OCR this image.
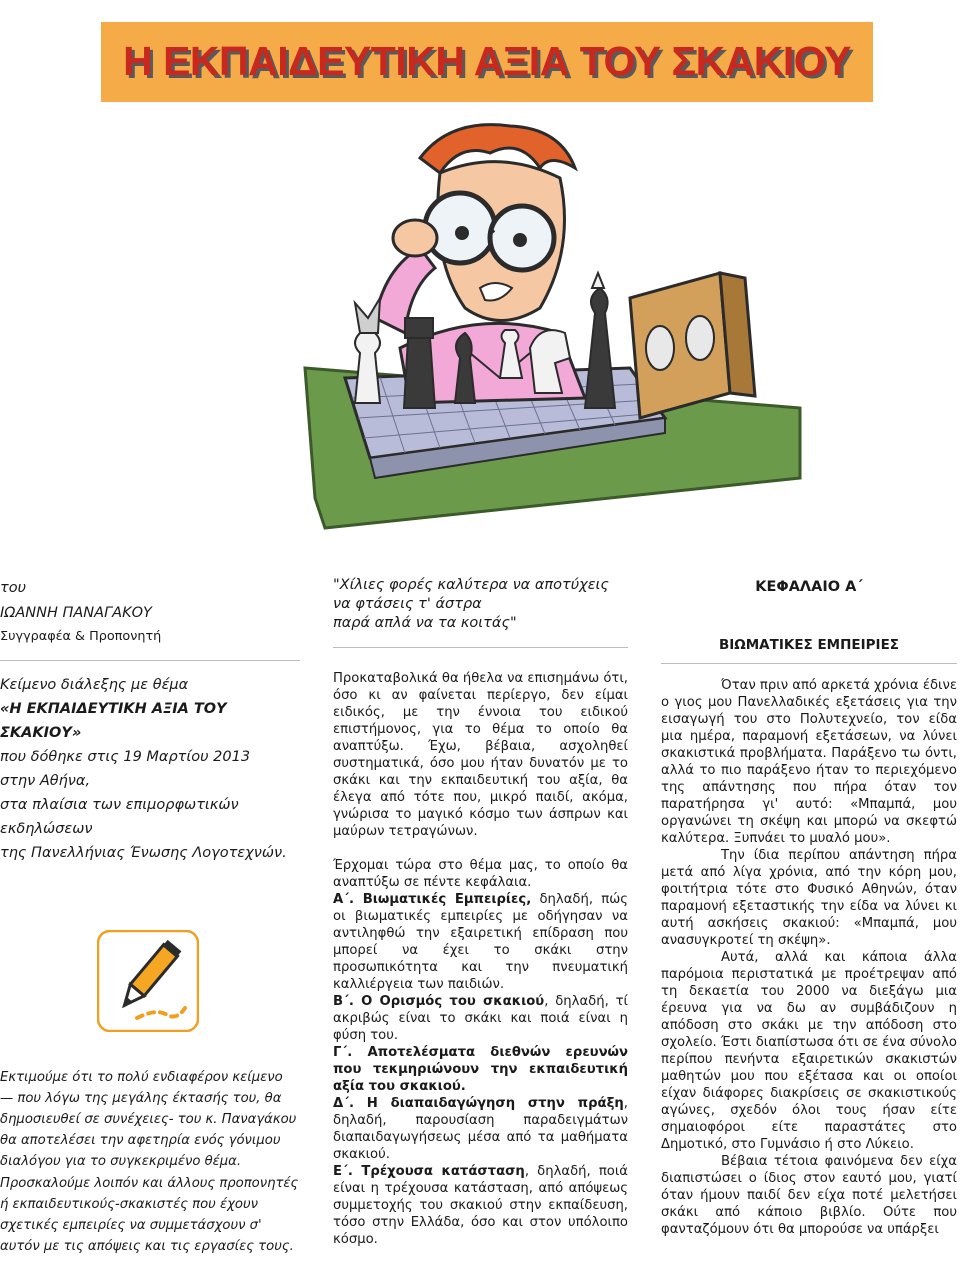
Η ΕΚΠΑΙΔΕΥΤΙΚΗ ΑΞΙΑ ΤΟΥ ΣΚΑΚΙΟΥ
του
ΙΩΑΝΝΗ ΠΑΝΑΓΑΚΟΥ
Συγγραφέα & Προπονητή
Κείμενο διάλεξης με θέμα
«Η ΕΚΠΑΙΔΕΥΤΙΚΗ ΑΞΙΑ ΤΟΥ ΣΚΑΚΙΟΥ»
που δόθηκε στις 19 Μαρτίου 2013
στην Αθήνα,
στα πλαίσια των επιμορφωτικών
εκδηλώσεων
της Πανελλήνιας Ένωσης Λογοτεχνών.

Εκτιμούμε ότι το πολύ ενδιαφέρον κείμενο — που λόγω της μεγάλης έκτασής του, θα δημοσιευθεί σε συνέχειες- του κ. Παναγάκου θα αποτελέσει την αφετηρία ενός γόνιμου διαλόγου για το συγκεκριμένο θέμα.

Προσκαλούμε λοιπόν και άλλους προπονητές ή εκπαιδευτικούς-σκακιστές που έχουν σχετικές εμπειρίες να συμμετάσχουν σ' αυτόν με τις απόψεις και τις εργασίες τους.

"Χίλιες φορές καλύτερα να αποτύχεις
να φτάσεις τ' άστρα
παρά απλά να τα κοιτάς"

Προκαταβολικά θα ήθελα να επισημάνω ότι, όσο κι αν φαίνεται περίεργο, δεν είμαι ειδικός, με την έννοια του ειδικού επιστήμονος, για το θέμα το οποίο θα αναπτύξω. Έχω, βέβαια, ασχοληθεί συστηματικά, όσο μου ήταν δυνατόν με το σκάκι και την εκπαιδευτική του αξία, θα έλεγα από τότε που, μικρό παιδί, ακόμα, γνώρισα το μαγικό κόσμο των άσπρων και μαύρων τετραγώνων.

Έρχομαι τώρα στο θέμα μας, το οποίο θα αναπτύξω σε πέντε κεφάλαια.

Α΄. Βιωματικές Εμπειρίες, δηλαδή, πώς οι βιωματικές εμπειρίες με οδήγησαν να αντιληφθώ την εξαιρετική επίδραση που μπορεί να έχει το σκάκι στην προσωπικότητα και την πνευματική καλλιέργεια των παιδιών.

Β΄. Ο Ορισμός του σκακιού, δηλαδή, τί ακριβώς είναι το σκάκι και ποιά είναι η φύση του.

Γ΄. Αποτελέσματα διεθνών ερευνών που τεκμηριώνουν την εκπαιδευτική αξία του σκακιού.

Δ΄. Η διαπαιδαγώγηση στην πράξη, δηλαδή, παρουσίαση παραδειγμάτων διαπαιδαγωγήσεως μέσα από τα μαθήματα σκακιού.

Ε΄. Τρέχουσα κατάσταση, δηλαδή, ποιά είναι η τρέχουσα κατάσταση, από απόψεως συμμετοχής του σκακιού στην εκπαίδευση, τόσο στην Ελλάδα, όσο και στον υπόλοιπο κόσμο.

ΚΕΦΑΛΑΙΟ Α΄
ΒΙΩΜΑΤΙΚΕΣ ΕΜΠΕΙΡΙΕΣ

Όταν πριν από αρκετά χρόνια έδινε ο γιος μου Πανελλαδικές εξετάσεις για την εισαγωγή του στο Πολυτεχνείο, τον είδα μια ημέρα, παραμονή εξετάσεων, να λύνει σκακιστικά προβλήματα. Παράξενο τω όντι, αλλά το πιο παράξενο ήταν το περιεχόμενο της απάντησης που πήρα όταν τον παρατήρησα γι' αυτό: «Μπαμπά, μου οργανώνει τη σκέψη και μπορώ να σκεφτώ καλύτερα. Ξυπνάει το μυαλό μου».

Την ίδια περίπου απάντηση πήρα μετά από λίγα χρόνια, από την κόρη μου, φοιτήτρια τότε στο Φυσικό Αθηνών, όταν παραμονή εξεταστικής την είδα να λύνει κι αυτή ασκήσεις σκακιού: «Μπαμπά, μου ανασυγκροτεί τη σκέψη».

Αυτά, αλλά και κάποια άλλα παρόμοια περιστατικά με προέτρεψαν από τη δεκαετία του 2000 να διεξάγω μια έρευνα για να δω αν συμβάδιζουν η απόδοση στο σκάκι με την απόδοση στο σχολείο. Έστι διαπίστωσα ότι σε ένα σύνολο περίπου πενήντα εξαιρετικών σκακιστών μαθητών μου που εξέτασα και οι οποίοι είχαν διάφορες διακρίσεις σε σκακιστικούς αγώνες, σχεδόν όλοι τους ήσαν είτε σημαιοφόροι είτε παραστάτες στο Δημοτικό, στο Γυμνάσιο ή στο Λύκειο.

Βέβαια τέτοια φαινόμενα δεν είχα διαπιστώσει ο ίδιος στον εαυτό μου, γιατί όταν ήμουν παιδί δεν είχα ποτέ μελετήσει σκάκι από κάποιο βιβλίο. Ούτε που φανταζόμουν ότι θα μπορούσε να υπάρξει
